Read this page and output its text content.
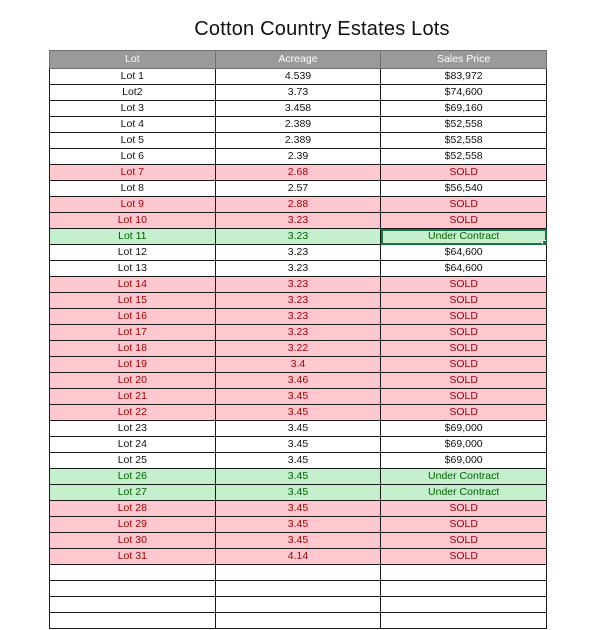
Cotton Country Estates Lots
Lot	Acreage	Sales Price
Lot 1	4.539	$83,972
Lot2	3.73	$74,600
Lot 3	3.458	$69,160
Lot 4	2.389	$52,558
Lot 5	2.389	$52,558
Lot 6	2.39	$52,558
Lot 7	2.68	SOLD
Lot 8	2.57	$56,540
Lot 9	2.88	SOLD
Lot 10	3.23	SOLD
Lot 11	3.23	Under Contract
Lot 12	3.23	$64,600
Lot 13	3.23	$64,600
Lot 14	3.23	SOLD
Lot 15	3.23	SOLD
Lot 16	3.23	SOLD
Lot 17	3.23	SOLD
Lot 18	3.22	SOLD
Lot 19	3.4	SOLD
Lot 20	3.46	SOLD
Lot 21	3.45	SOLD
Lot 22	3.45	SOLD
Lot 23	3.45	$69,000
Lot 24	3.45	$69,000
Lot 25	3.45	$69,000
Lot 26	3.45	Under Contract
Lot 27	3.45	Under Contract
Lot 28	3.45	SOLD
Lot 29	3.45	SOLD
Lot 30	3.45	SOLD
Lot 31	4.14	SOLD
